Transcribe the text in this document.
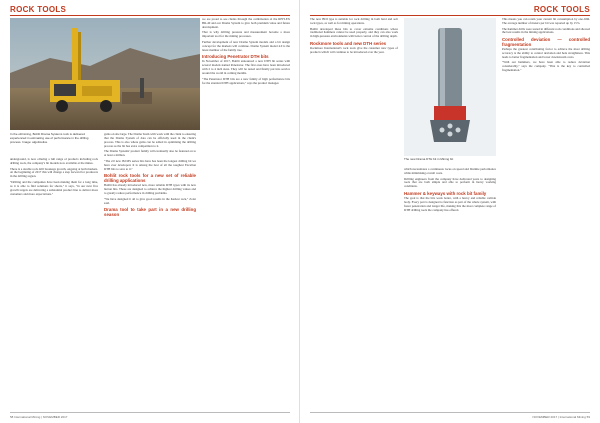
ROCK TOOLS
In the oil/mining, Bohlit Drama Systems rock is delivered experienced in estimating use of performance in the drilling process. Image: algofotolive

underground, is now offering a full range of products including rock drilling tools, the company's bit models now available at the mines.

There is a sizable rock drill breakage growth, ongoing at both markets. At the beginning of 2017 this will change a step forward for producers in the drilling region.

"Drilling and the companies have been making them for a long time, as it is able to find solutions for shorts," it says, "in our next five growth targets are delivering a substantial product line to deliver more customers and more expectations."

gains on site large. The Drama Team with work with the client to ensuring that the Drama System of data can be officially used in the client's process. This is also where gains can be added in optimizing the drilling process as the bit has extra competition to it.

The Drama Systems' product family will eventually also be featured on to at least a million.

"The 2.0 new IM MS series bits have has been the longest drilling bit we have ever developed. It is among the best of all the toughest Excellon DTH bits to save to it."

Bohlit rock tools for a new set of reliable drilling applications

Bohlit has already introduced new, more reliable DTH types with its new button bits. These are designed to achieve the highest drilling values and to greatly reduce performance in drilling problems.

"We have designed it all to give good results in the hardest rock," Zolar said.

Drama tool to take part in a new drilling season

we are proud to see clients through the combination of the REFLEX BR-40 and our Drama System to give both premium value and future development.

That is why drilling pressure and measurement become a more important tool for the mining processes.

Further development of new Drama System models and a bit design concept for the markets will continue. Drama System model 4.0 is the latest member of the family tree.

Introducing Penetrator DTH bits

In November of 2017, Bohlit announced a new DTH bit series with several models named Penetrator. The first ones have been introduced with 2 to 4 inch sizes. They will be tested and finally put into service around the world in coming months.

"The Penetrator DTH bits are a new family of high performance bits for the standard DTH applications," says the product manager.

58 International Mining | NOVEMBER 2017
ROCK TOOLS

The new BDI type is suitable for rock drilling in both hard and soft rock types, as well as for mining operations.

Bohlit developed these bits to cover extreme conditions where traditional hammers cannot be used properly, and they can also work in high-pressure environments with better control of the drilling depth.

Rockmore tools and new DTH series

Rockmore International's rock tools give the customer new types of products which will continue to be introduced over the year.

The new Drama DTH bit in Mining bit

which necessitates a continuous focus on speed and lifetime performance while minimising overall costs.

Drilling engineers from the company have dedicated years to designing tools that are both simple and able to perform in heavy working conditions.

Hammer & keyways with rock bit family

The goal is that the bits work better, with a heavy and reliable carbide body. Every part is designed to function as part of the whole system, with faster penetration and longer life, making this the most complete range of DTH drilling tools the company has offered.

This means you can retain your current bit consumption by one-fifth. The average number of meters per bit was reported up by 15%.

The hammer drills were tested in different rock conditions and showed the best results in the mining applications.

Controlled deviation — controlled fragmentation

Perhaps the greatest contributing factor to achieve the most drilling accuracy is the ability to control deviation and hole straightness. This leads to better fragmentation and lower downstream costs.

"With our hammers, we have been able to reduce deviation considerably," says the company. "That is the key to controlled fragmentation."

NOVEMBER 2017 | International Mining 59
